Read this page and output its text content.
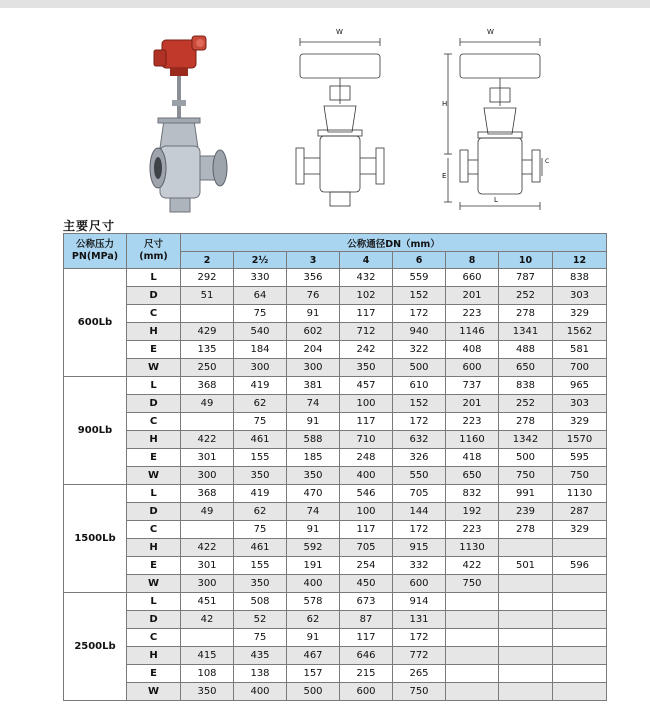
W	W
H
E
C
L
主要尺寸
公称压力
PN(MPa)	尺寸
(mm)	公称通径DN（mm）							
		2	2½	3	4	6	8	10	12
600Lb	L	292	330	356	432	559	660	787	838
	D	51	64	76	102	152	201	252	303
	C		75	91	117	172	223	278	329
	H	429	540	602	712	940	1146	1341	1562
	E	135	184	204	242	322	408	488	581
	W	250	300	300	350	500	600	650	700
900Lb	L	368	419	381	457	610	737	838	965
	D	49	62	74	100	152	201	252	303
	C		75	91	117	172	223	278	329
	H	422	461	588	710	632	1160	1342	1570
	E	301	155	185	248	326	418	500	595
	W	300	350	350	400	550	650	750	750
1500Lb	L	368	419	470	546	705	832	991	1130
	D	49	62	74	100	144	192	239	287
	C		75	91	117	172	223	278	329
	H	422	461	592	705	915	1130		
	E	301	155	191	254	332	422	501	596
	W	300	350	400	450	600	750		
2500Lb	L	451	508	578	673	914			
	D	42	52	62	87	131			
	C		75	91	117	172			
	H	415	435	467	646	772			
	E	108	138	157	215	265			
	W	350	400	500	600	750			
